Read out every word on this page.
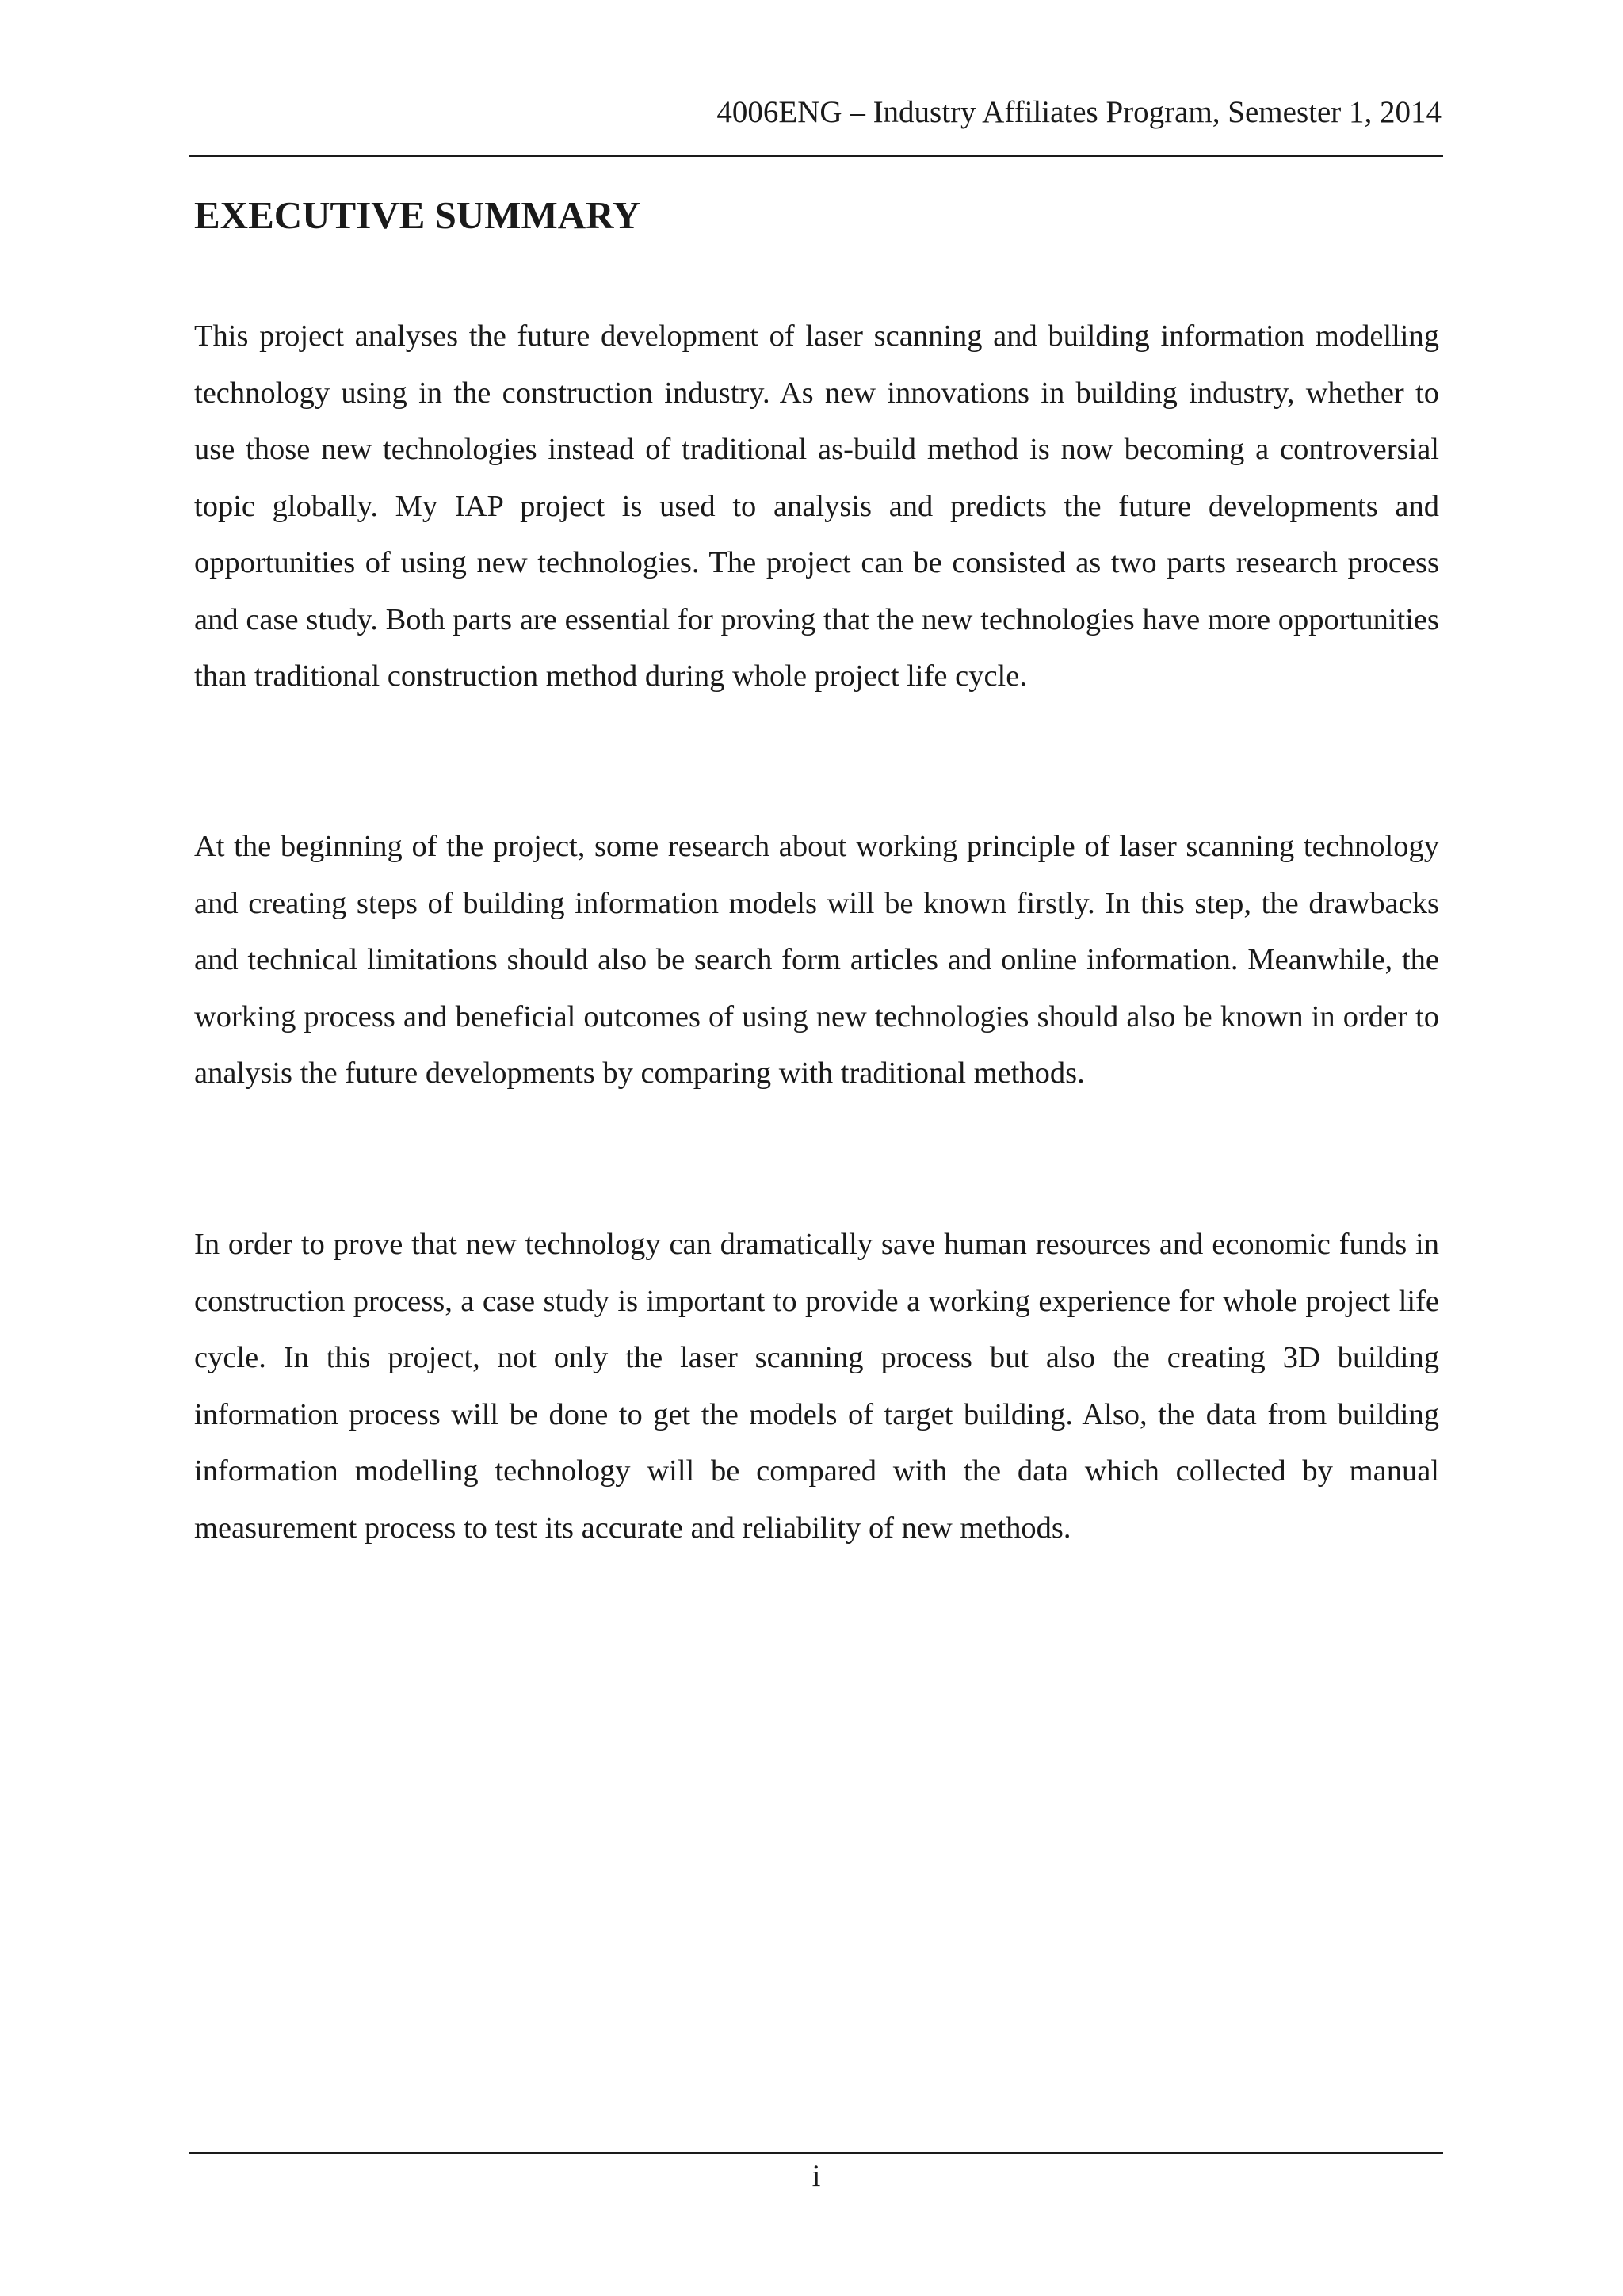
4006ENG – Industry Affiliates Program, Semester 1, 2014
EXECUTIVE SUMMARY

This project analyses the future development of laser scanning and building information modelling technology using in the construction industry. As new innovations in building industry, whether to use those new technologies instead of traditional as-build method is now becoming a controversial topic globally. My IAP project is used to analysis and predicts the future developments and opportunities of using new technologies. The project can be consisted as two parts research process and case study. Both parts are essential for proving that the new technologies have more opportunities than traditional construction method during whole project life cycle.

At the beginning of the project, some research about working principle of laser scanning technology and creating steps of building information models will be known firstly. In this step, the drawbacks and technical limitations should also be search form articles and online information. Meanwhile, the working process and beneficial outcomes of using new technologies should also be known in order to analysis the future developments by comparing with traditional methods.

In order to prove that new technology can dramatically save human resources and economic funds in construction process, a case study is important to provide a working experience for whole project life cycle. In this project, not only the laser scanning process but also the creating 3D building information process will be done to get the models of target building. Also, the data from building information modelling technology will be compared with the data which collected by manual measurement process to test its accurate and reliability of new methods.

i
